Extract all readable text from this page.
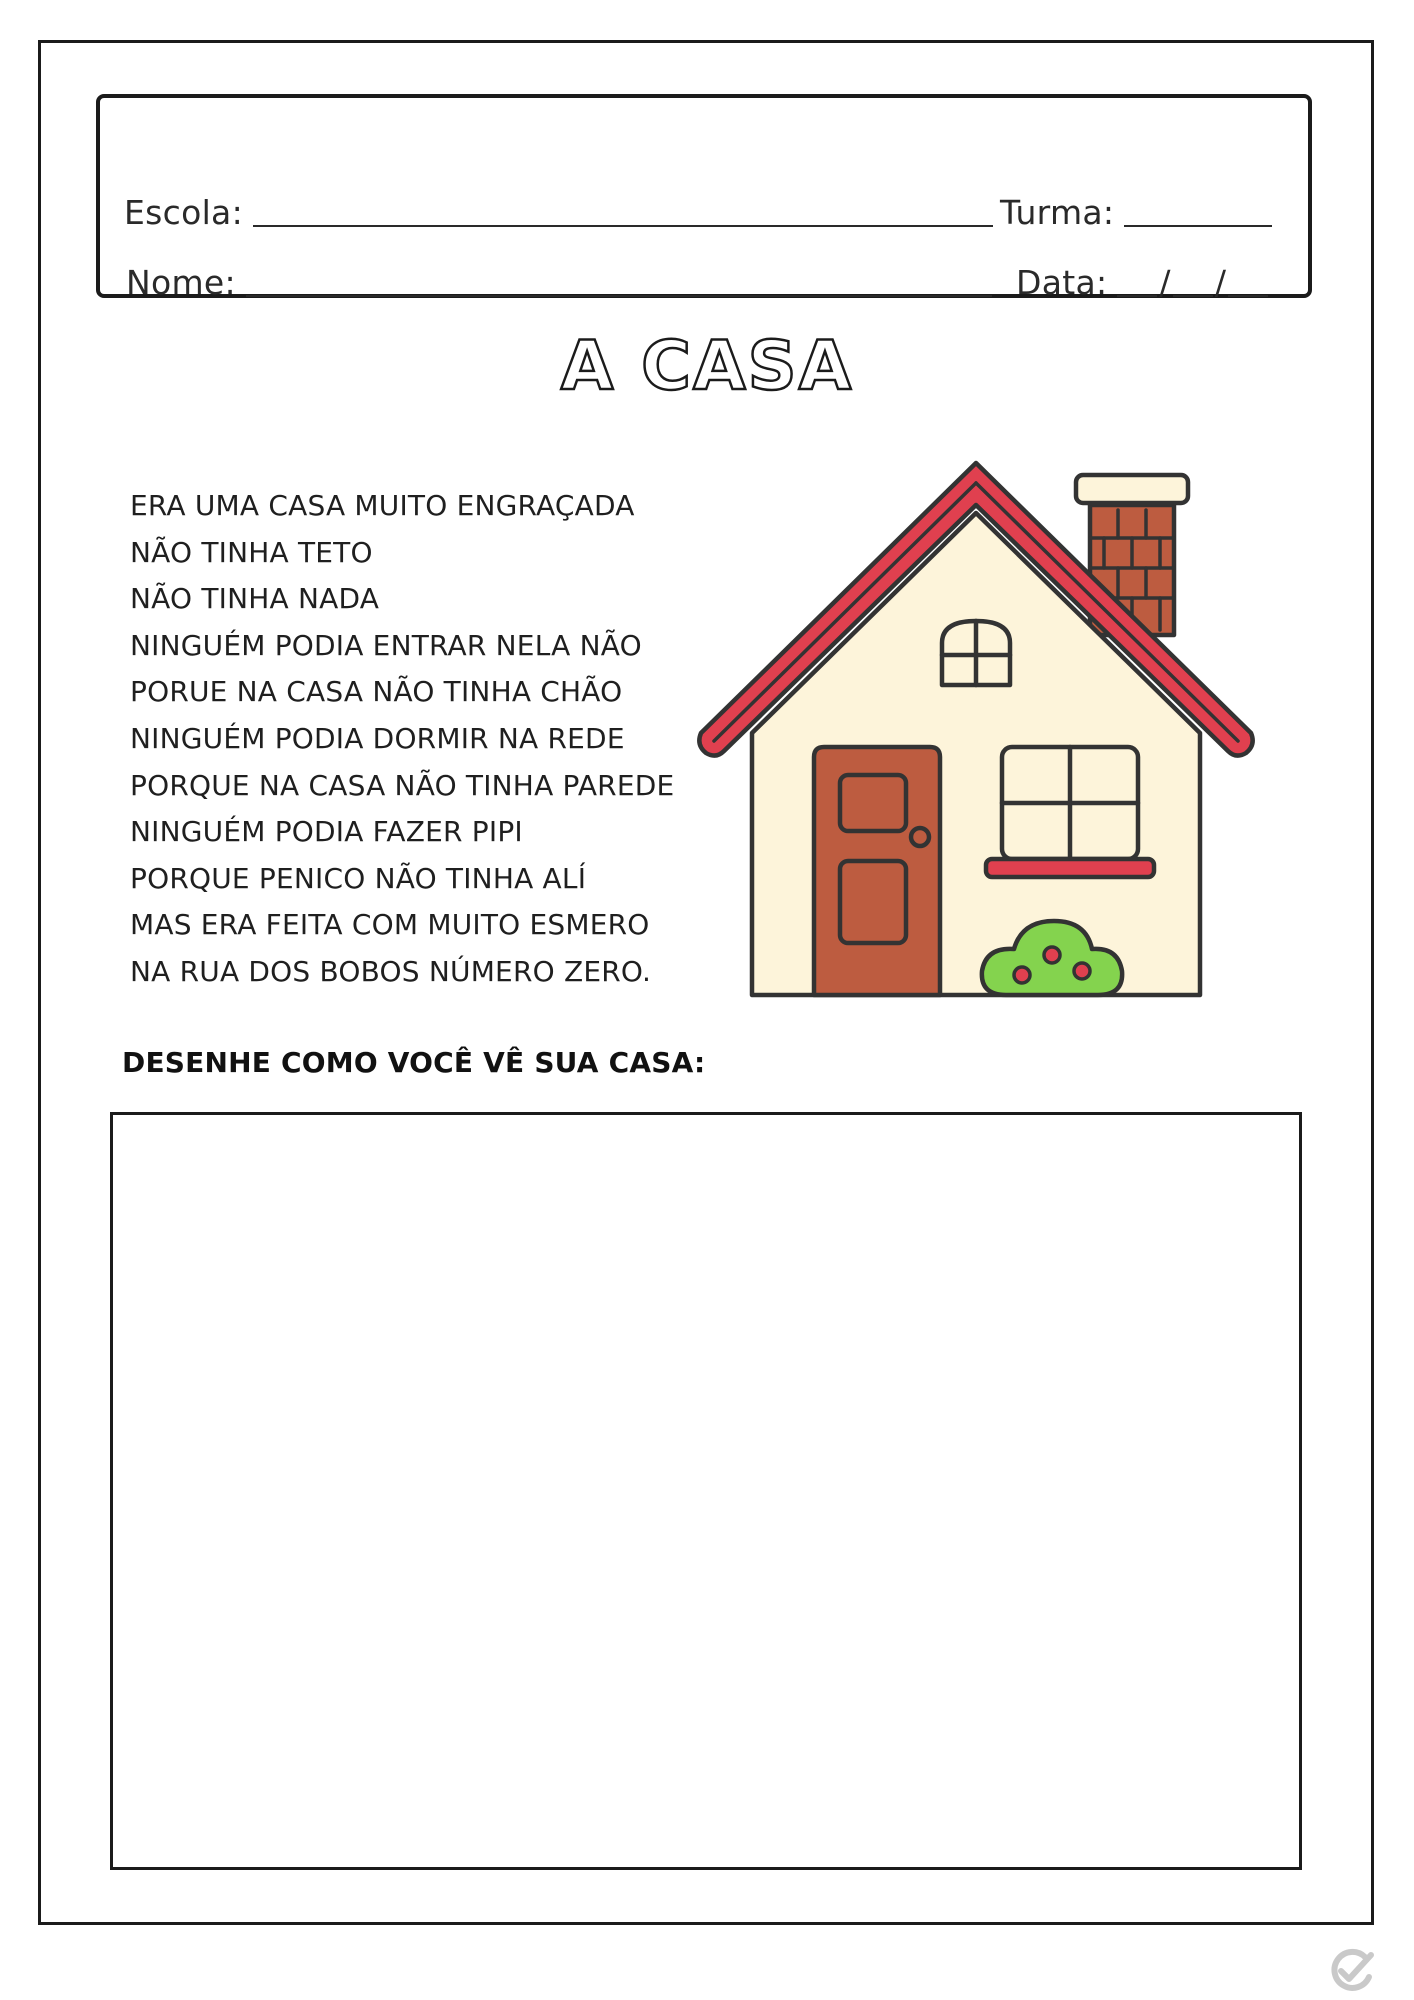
Escola:	Turma:
Nome:	Data: / /
A CASA
ERA UMA CASA MUITO ENGRAÇADA
NÃO TINHA TETO
NÃO TINHA NADA
NINGUÉM PODIA ENTRAR NELA NÃO
PORUE NA CASA NÃO TINHA CHÃO
NINGUÉM PODIA DORMIR NA REDE
PORQUE NA CASA NÃO TINHA PAREDE
NINGUÉM PODIA FAZER PIPI
PORQUE PENICO NÃO TINHA ALÍ
MAS ERA FEITA COM MUITO ESMERO
NA RUA DOS BOBOS NÚMERO ZERO.
DESENHE COMO VOCÊ VÊ SUA CASA:
